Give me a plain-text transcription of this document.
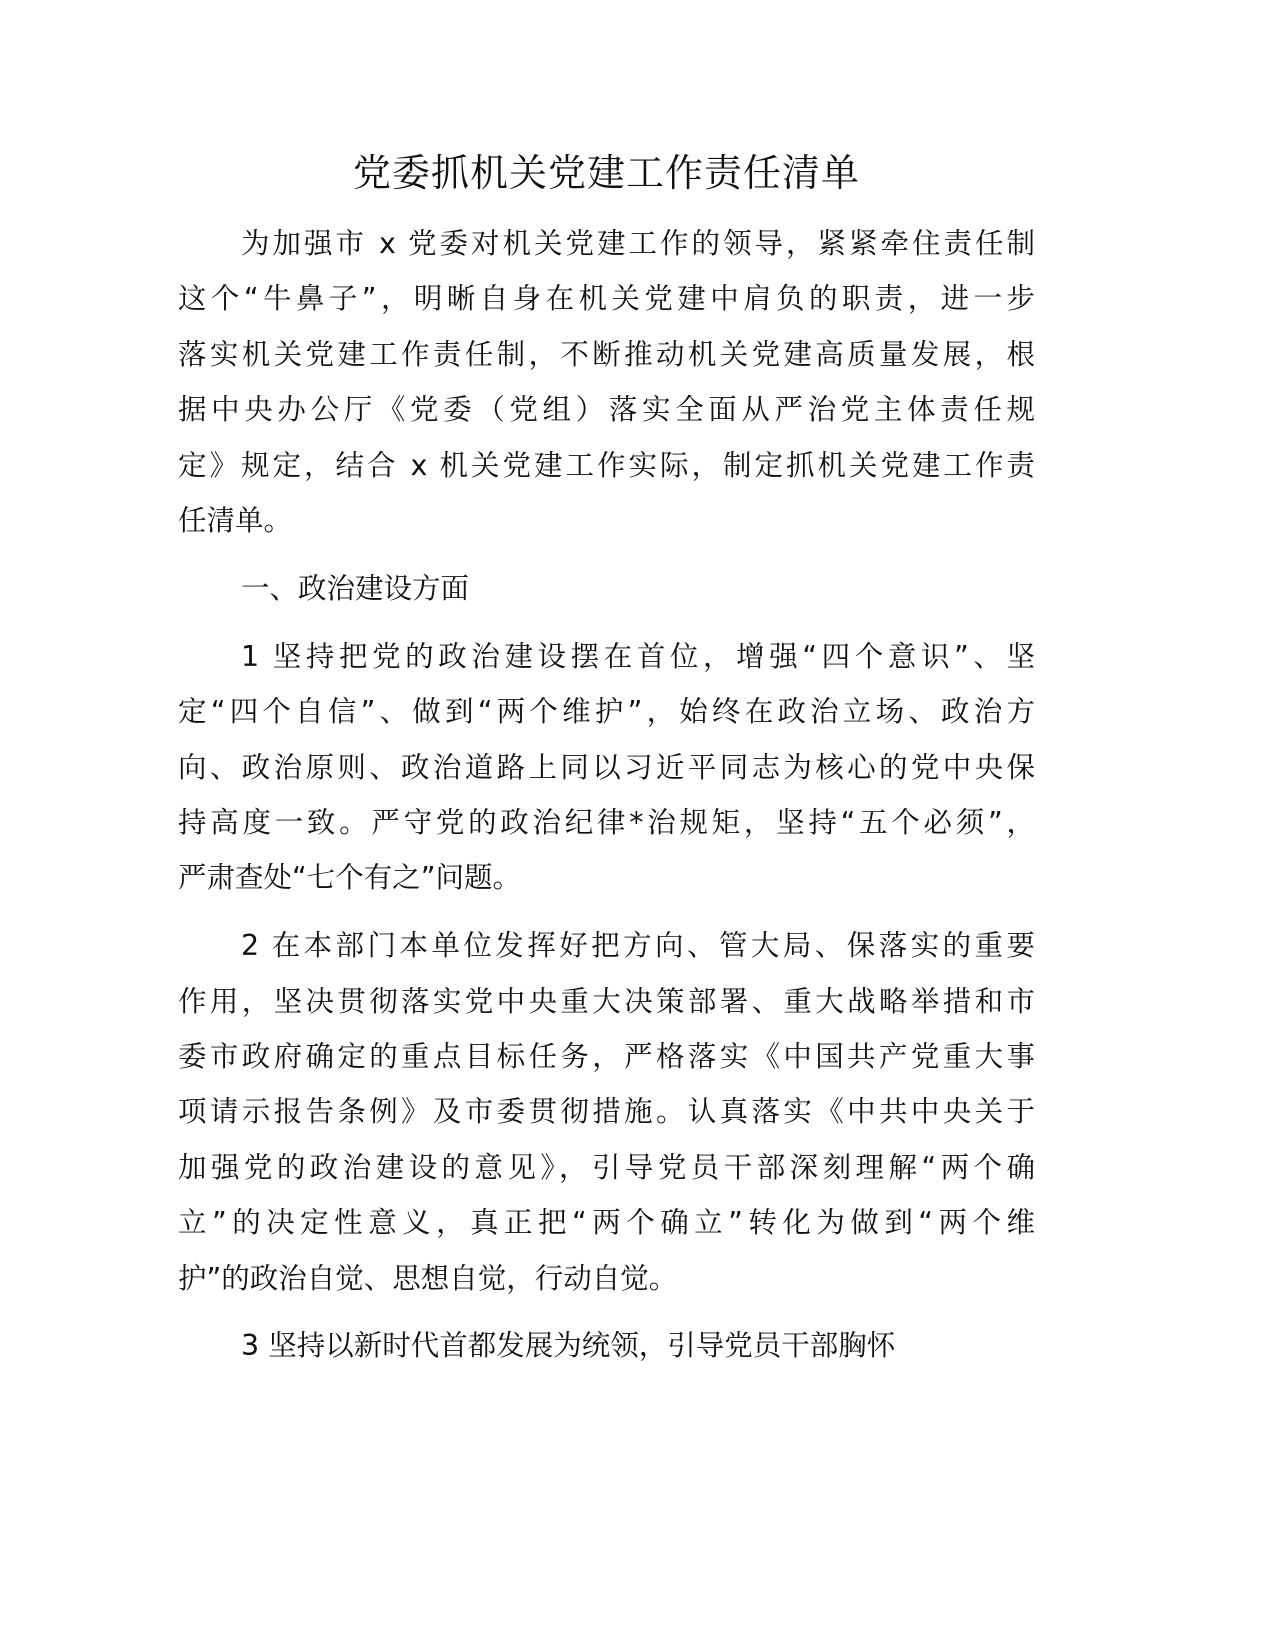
党委抓机关党建工作责任清单
为加强市 x 党委对机关党建工作的领导，紧紧牵住责任制
这个“牛鼻子”，明晰自身在机关党建中肩负的职责，进一步
落实机关党建工作责任制，不断推动机关党建高质量发展，根
据中央办公厅《党委（党组）落实全面从严治党主体责任规
定》规定，结合 x 机关党建工作实际，制定抓机关党建工作责
任清单。
一、政治建设方面
1 坚持把党的政治建设摆在首位，增强“四个意识”、坚
定“四个自信”、做到“两个维护”，始终在政治立场、政治方
向、政治原则、政治道路上同以习近平同志为核心的党中央保
持高度一致。严守党的政治纪律*治规矩，坚持“五个必须”，
严肃查处“七个有之”问题。
2 在本部门本单位发挥好把方向、管大局、保落实的重要
作用，坚决贯彻落实党中央重大决策部署、重大战略举措和市
委市政府确定的重点目标任务，严格落实《中国共产党重大事
项请示报告条例》及市委贯彻措施。认真落实《中共中央关于
加强党的政治建设的意见》，引导党员干部深刻理解“两个确
立”的决定性意义，真正把“两个确立”转化为做到“两个维
护”的政治自觉、思想自觉，行动自觉。
3 坚持以新时代首都发展为统领，引导党员干部胸怀
